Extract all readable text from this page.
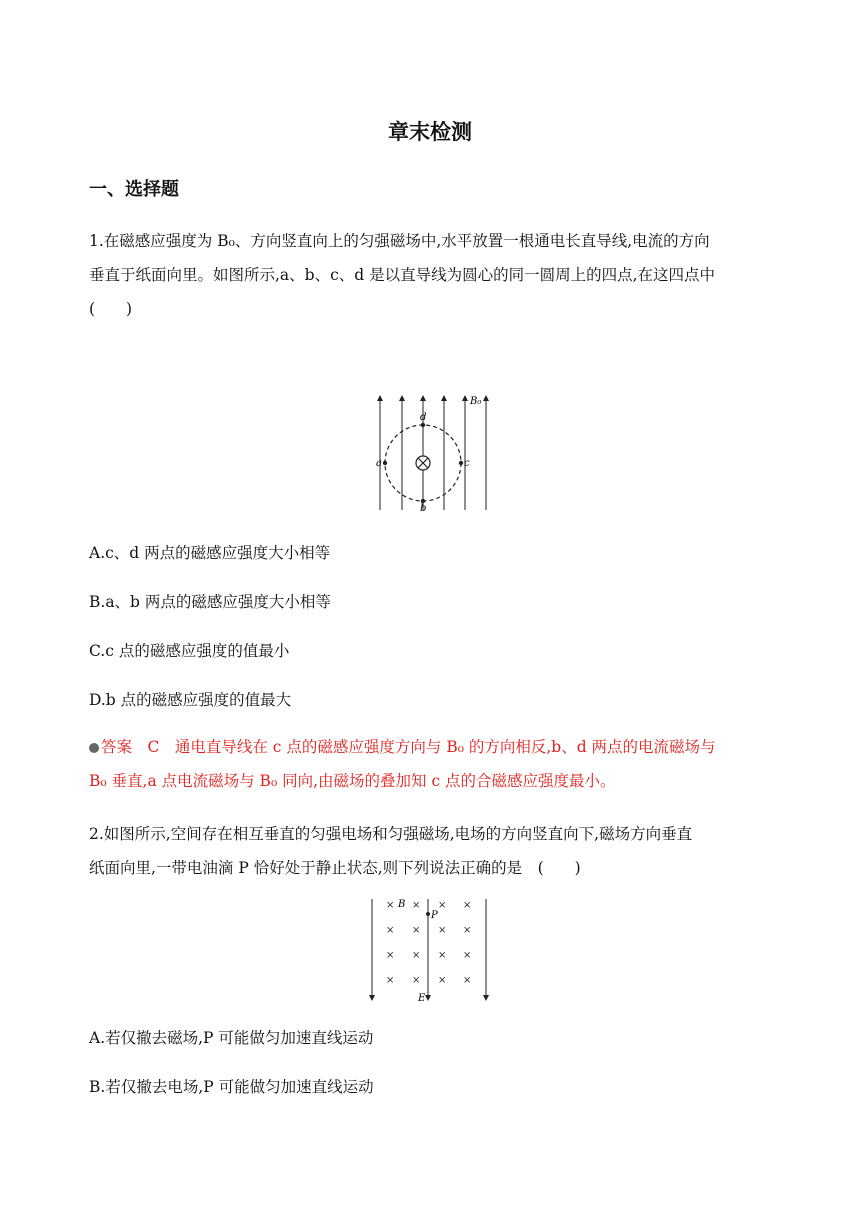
章末检测
一、选择题
1.在磁感应强度为 B₀、方向竖直向上的匀强磁场中,水平放置一根通电长直导线,电流的方向
垂直于纸面向里。如图所示,a、b、c、d 是以直导线为圆心的同一圆周上的四点,在这四点中
(　　)
d
b
a	c
B₀
A.c、d 两点的磁感应强度大小相等
B.a、b 两点的磁感应强度大小相等
C.c 点的磁感应强度的值最小
D.b 点的磁感应强度的值最大
答案　C　通电直导线在 c 点的磁感应强度方向与 B₀ 的方向相反,b、d 两点的电流磁场与
B₀ 垂直,a 点电流磁场与 B₀ 同向,由磁场的叠加知 c 点的合磁感应强度最小。
2.如图所示,空间存在相互垂直的匀强电场和匀强磁场,电场的方向竖直向下,磁场方向垂直
纸面向里,一带电油滴 P 恰好处于静止状态,则下列说法正确的是　(　　)
× × × ×
× × × ×
× × × ×
× × × ×
B
P
E
A.若仅撤去磁场,P 可能做匀加速直线运动
B.若仅撤去电场,P 可能做匀加速直线运动
